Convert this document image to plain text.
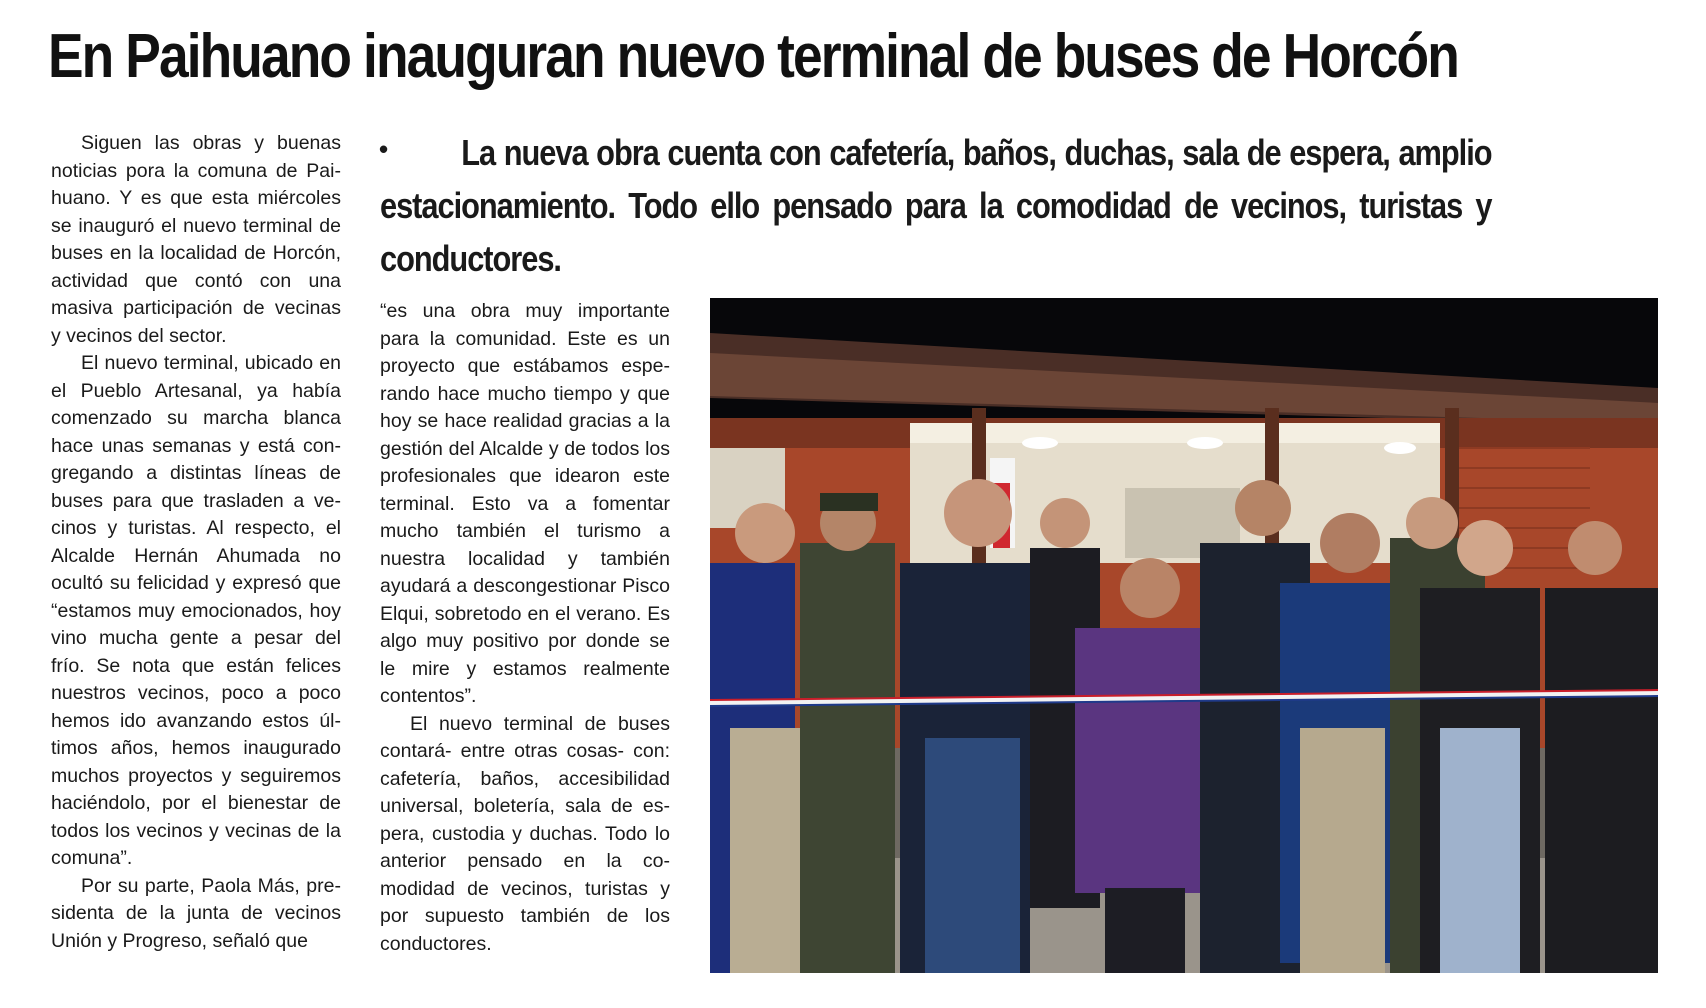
En Paihuano inauguran nuevo terminal de buses de Horcón
•	La nueva obra cuenta con cafetería, baños, duchas, sala de espera, amplio estacionamiento. Todo ello pensado para la comodidad de vecinos, turistas y conductores.

Siguen las obras y buenas noticias pora la comuna de Paihuano. Y es que esta miércoles se inauguró el nuevo terminal de buses en la localidad de Horcón, actividad que contó con una masiva participación de vecinas y vecinos del sector.

El nuevo terminal, ubicado en el Pueblo Artesanal, ya había comenzado su marcha blanca hace unas semanas y está congregando a distintas líneas de buses para que trasladen a vecinos y turistas. Al respecto, el Alcalde Hernán Ahumada no ocultó su felicidad y expresó que “estamos muy emocionados, hoy vino mucha gente a pesar del frío. Se nota que están felices nuestros vecinos, poco a poco hemos ido avanzando estos últimos años, hemos inaugurado muchos proyectos y seguiremos haciéndolo, por el bienestar de todos los vecinos y vecinas de la comuna”.

Por su parte, Paola Más, presidenta de la junta de vecinos Unión y Progreso, señaló que

“es una obra muy importante para la comunidad. Este es un proyecto que estábamos esperando hace mucho tiempo y que hoy se hace realidad gracias a la gestión del Alcalde y de todos los profesionales que idearon este terminal. Esto va a fomentar mucho también el turismo a nuestra localidad y también ayudará a descongestionar Pisco Elqui, sobretodo en el verano. Es algo muy positivo por donde se le mire y estamos realmente contentos”.

El nuevo terminal de buses contará- entre otras cosas- con: cafetería, baños, accesibilidad universal, boletería, sala de espera, custodia y duchas. Todo lo anterior pensado en la comodidad de vecinos, turistas y por supuesto también de los conductores.
